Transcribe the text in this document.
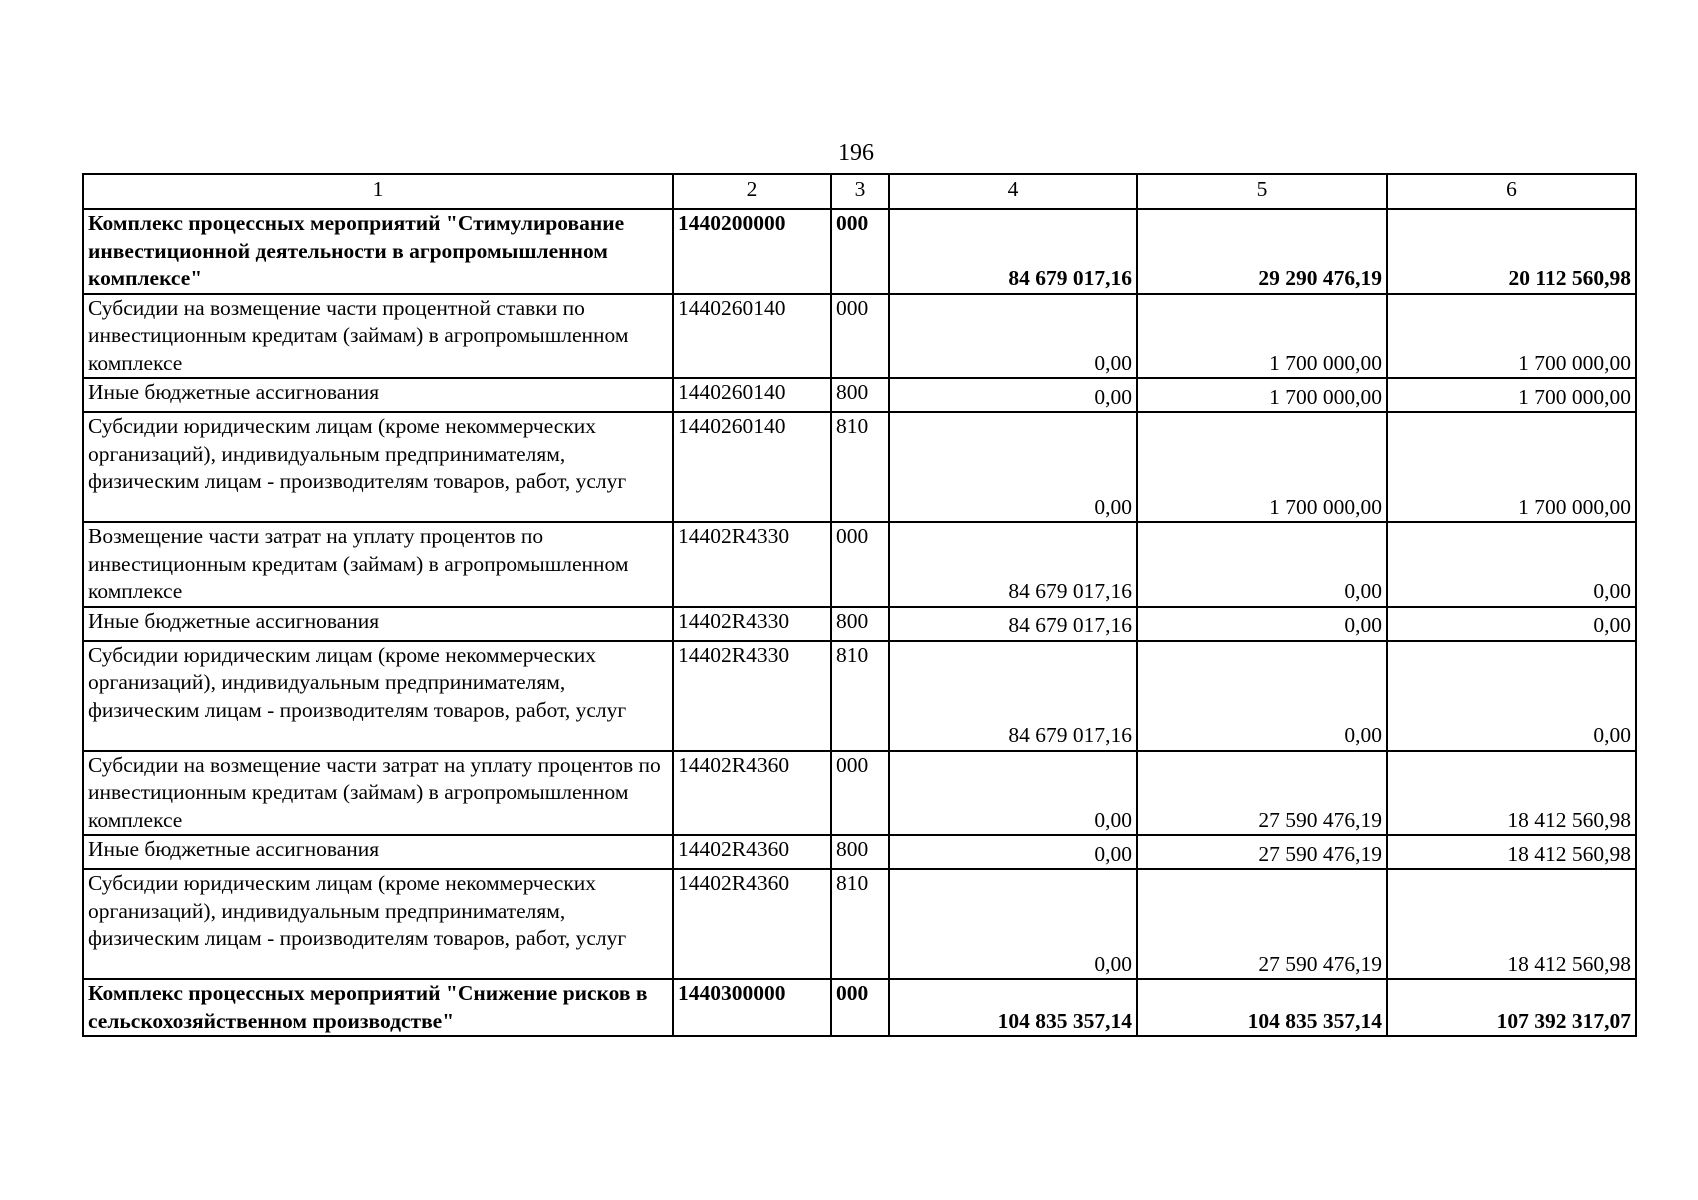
196
1	2	3	4	5	6
Комплекс процессных мероприятий "Стимулирование инвестиционной деятельности в агропромышленном комплексе"	1440200000	000	84 679 017,16	29 290 476,19	20 112 560,98
Субсидии на возмещение части процентной ставки по инвестиционным кредитам (займам) в агропромышленном комплексе	1440260140	000	0,00	1 700 000,00	1 700 000,00
Иные бюджетные ассигнования	1440260140	800	0,00	1 700 000,00	1 700 000,00
Субсидии юридическим лицам (кроме некоммерческих организаций), индивидуальным предпринимателям, физическим лицам - производителям товаров, работ, услуг	1440260140	810	0,00	1 700 000,00	1 700 000,00
Возмещение части затрат на уплату процентов по инвестиционным кредитам (займам) в агропромышленном комплексе	14402R4330	000	84 679 017,16	0,00	0,00
Иные бюджетные ассигнования	14402R4330	800	84 679 017,16	0,00	0,00
Субсидии юридическим лицам (кроме некоммерческих организаций), индивидуальным предпринимателям, физическим лицам - производителям товаров, работ, услуг	14402R4330	810	84 679 017,16	0,00	0,00
Субсидии на возмещение части затрат на уплату процентов по инвестиционным кредитам (займам) в агропромышленном комплексе	14402R4360	000	0,00	27 590 476,19	18 412 560,98
Иные бюджетные ассигнования	14402R4360	800	0,00	27 590 476,19	18 412 560,98
Субсидии юридическим лицам (кроме некоммерческих организаций), индивидуальным предпринимателям, физическим лицам - производителям товаров, работ, услуг	14402R4360	810	0,00	27 590 476,19	18 412 560,98
Комплекс процессных мероприятий "Снижение рисков в сельскохозяйственном производстве"	1440300000	000	104 835 357,14	104 835 357,14	107 392 317,07
